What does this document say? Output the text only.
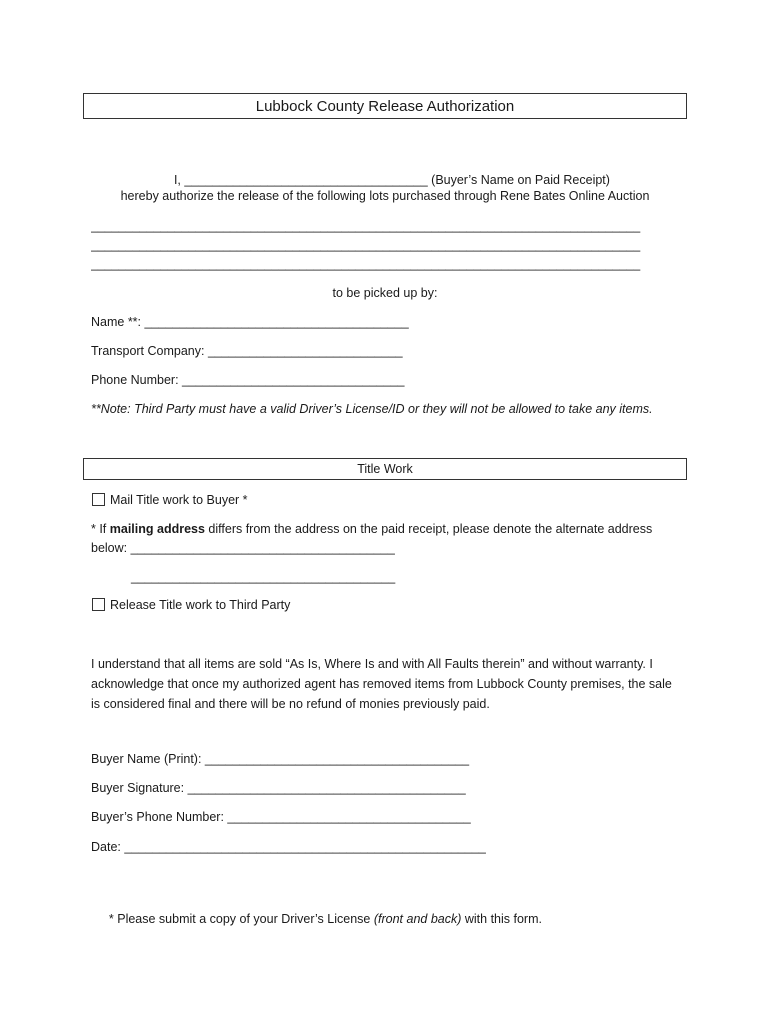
Lubbock County Release Authorization

I, ___________________________________ (Buyer’s Name on Paid Receipt)

hereby authorize the release of the following lots purchased through Rene Bates Online Auction
_______________________________________________________________________________
_______________________________________________________________________________
_______________________________________________________________________________
to be picked up by:
Name **: ______________________________________
Transport Company: ____________________________
Phone Number: ________________________________
**Note: Third Party must have a valid Driver’s License/ID or they will not be allowed to take any items.
Title Work
Mail Title work to Buyer *
* If mailing address differs from the address on the paid receipt, please denote the alternate address below: ______________________________________
______________________________________
Release Title work to Third Party
I understand that all items are sold “As Is, Where Is and with All Faults therein” and without warranty. I acknowledge that once my authorized agent has removed items from Lubbock County premises, the sale is considered final and there will be no refund of monies previously paid.
Buyer Name (Print): ______________________________________
Buyer Signature: ________________________________________
Buyer’s Phone Number: ___________________________________
Date: ____________________________________________________

* Please submit a copy of your Driver’s License (front and back) with this form.
